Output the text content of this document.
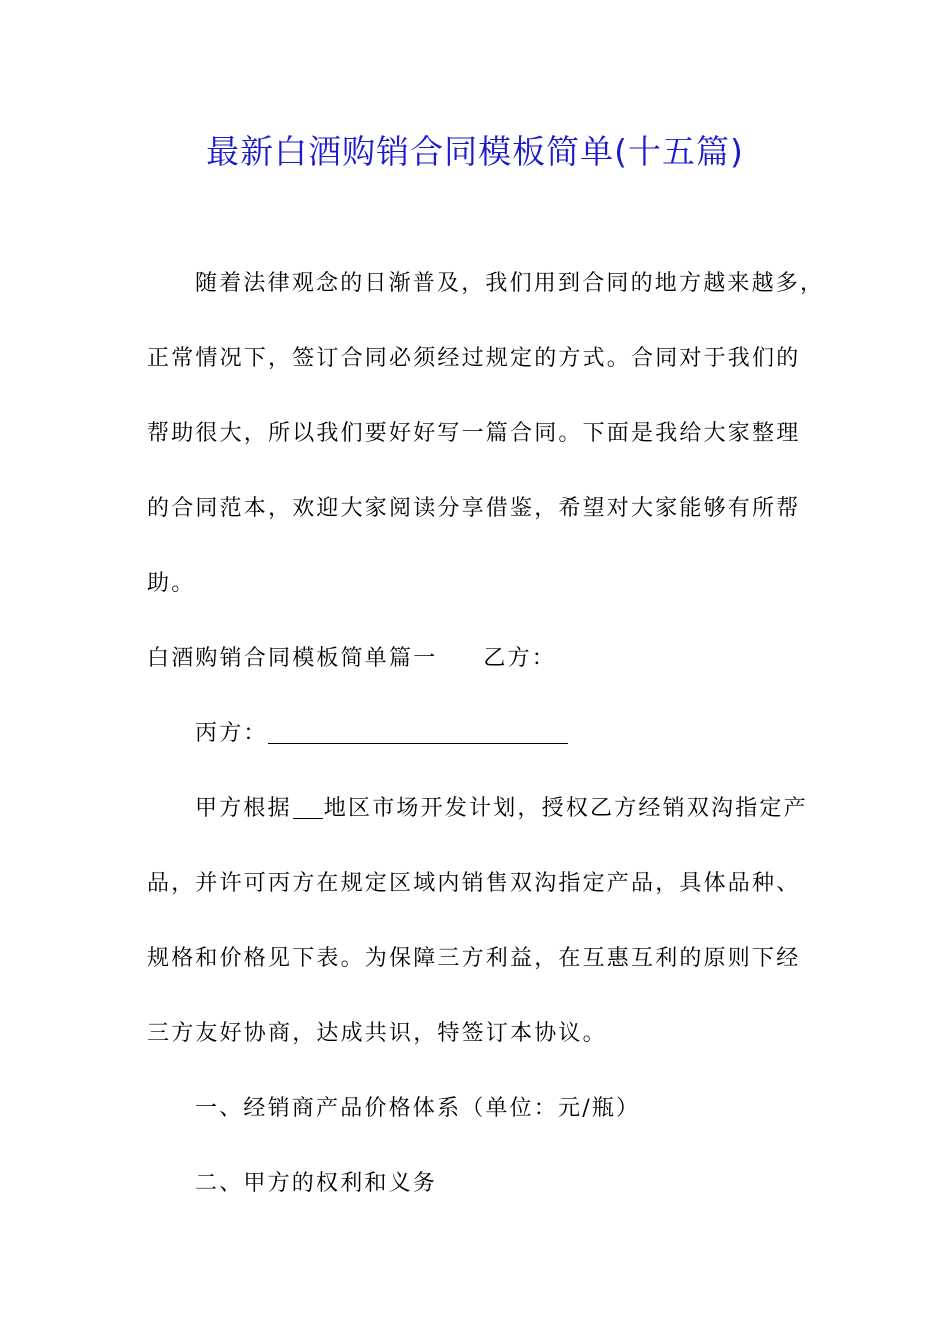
最新白酒购销合同模板简单(十五篇)
随着法律观念的日渐普及，我们用到合同的地方越来越多，
正常情况下，签订合同必须经过规定的方式。合同对于我们的
帮助很大，所以我们要好好写一篇合同。下面是我给大家整理
的合同范本，欢迎大家阅读分享借鉴，希望对大家能够有所帮
助。
白酒购销合同模板简单篇一 乙方：
丙方：
甲方根据 地区市场开发计划，授权乙方经销双沟指定产
品，并许可丙方在规定区域内销售双沟指定产品，具体品种、
规格和价格见下表。为保障三方利益，在互惠互利的原则下经
三方友好协商，达成共识，特签订本协议。
一、经销商产品价格体系（单位：元/瓶）
二、甲方的权利和义务
